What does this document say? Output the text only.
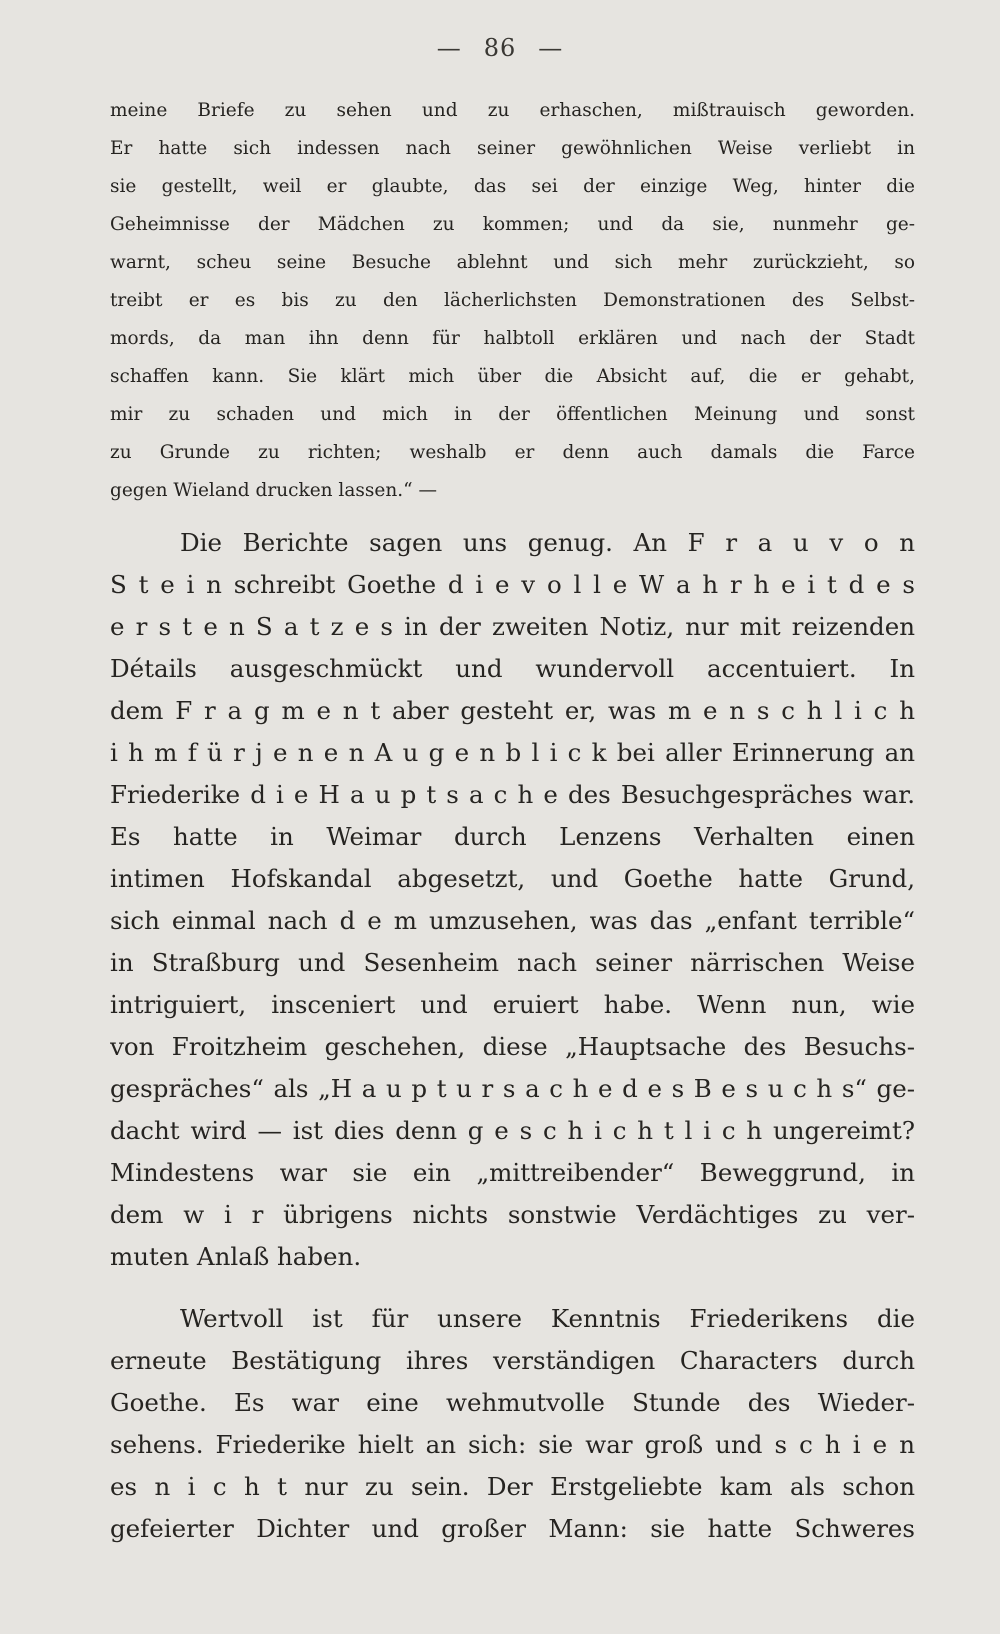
— 86 —
meine Briefe zu sehen und zu erhaschen, mißtrauisch geworden.
Er hatte sich indessen nach seiner gewöhnlichen Weise verliebt in
sie gestellt, weil er glaubte, das sei der einzige Weg, hinter die
Geheimnisse der Mädchen zu kommen; und da sie, nunmehr ge-
warnt, scheu seine Besuche ablehnt und sich mehr zurückzieht, so
treibt er es bis zu den lächerlichsten Demonstrationen des Selbst-
mords, da man ihn denn für halbtoll erklären und nach der Stadt
schaffen kann. Sie klärt mich über die Absicht auf, die er gehabt,
mir zu schaden und mich in der öffentlichen Meinung und sonst
zu Grunde zu richten; weshalb er denn auch damals die Farce
gegen Wieland drucken lassen.“ —
Die Berichte sagen uns genug. An F r a u v o n
S t e i n schreibt Goethe d i e v o l l e W a h r h e i t d e s
e r s t e n S a t z e s in der zweiten Notiz, nur mit reizenden
Détails ausgeschmückt und wundervoll accentuiert. In
dem F r a g m e n t aber gesteht er, was m e n s c h l i c h
i h m f ü r j e n e n A u g e n b l i c k bei aller Erinnerung an
Friederike d i e H a u p t s a c h e des Besuchgespräches war.
Es hatte in Weimar durch Lenzens Verhalten einen
intimen Hofskandal abgesetzt, und Goethe hatte Grund,
sich einmal nach d e m umzusehen, was das „enfant terrible“
in Straßburg und Sesenheim nach seiner närrischen Weise
intriguiert, insceniert und eruiert habe. Wenn nun, wie
von Froitzheim geschehen, diese „Hauptsache des Besuchs-
gespräches“ als „H a u p t u r s a c h e d e s B e s u c h s“ ge-
dacht wird — ist dies denn g e s c h i c h t l i c h ungereimt?
Mindestens war sie ein „mittreibender“ Beweggrund, in
dem w i r übrigens nichts sonstwie Verdächtiges zu ver-
muten Anlaß haben.
Wertvoll ist für unsere Kenntnis Friederikens die
erneute Bestätigung ihres verständigen Characters durch
Goethe. Es war eine wehmutvolle Stunde des Wieder-
sehens. Friederike hielt an sich: sie war groß und s c h i e n
es n i c h t nur zu sein. Der Erstgeliebte kam als schon
gefeierter Dichter und großer Mann: sie hatte Schweres
